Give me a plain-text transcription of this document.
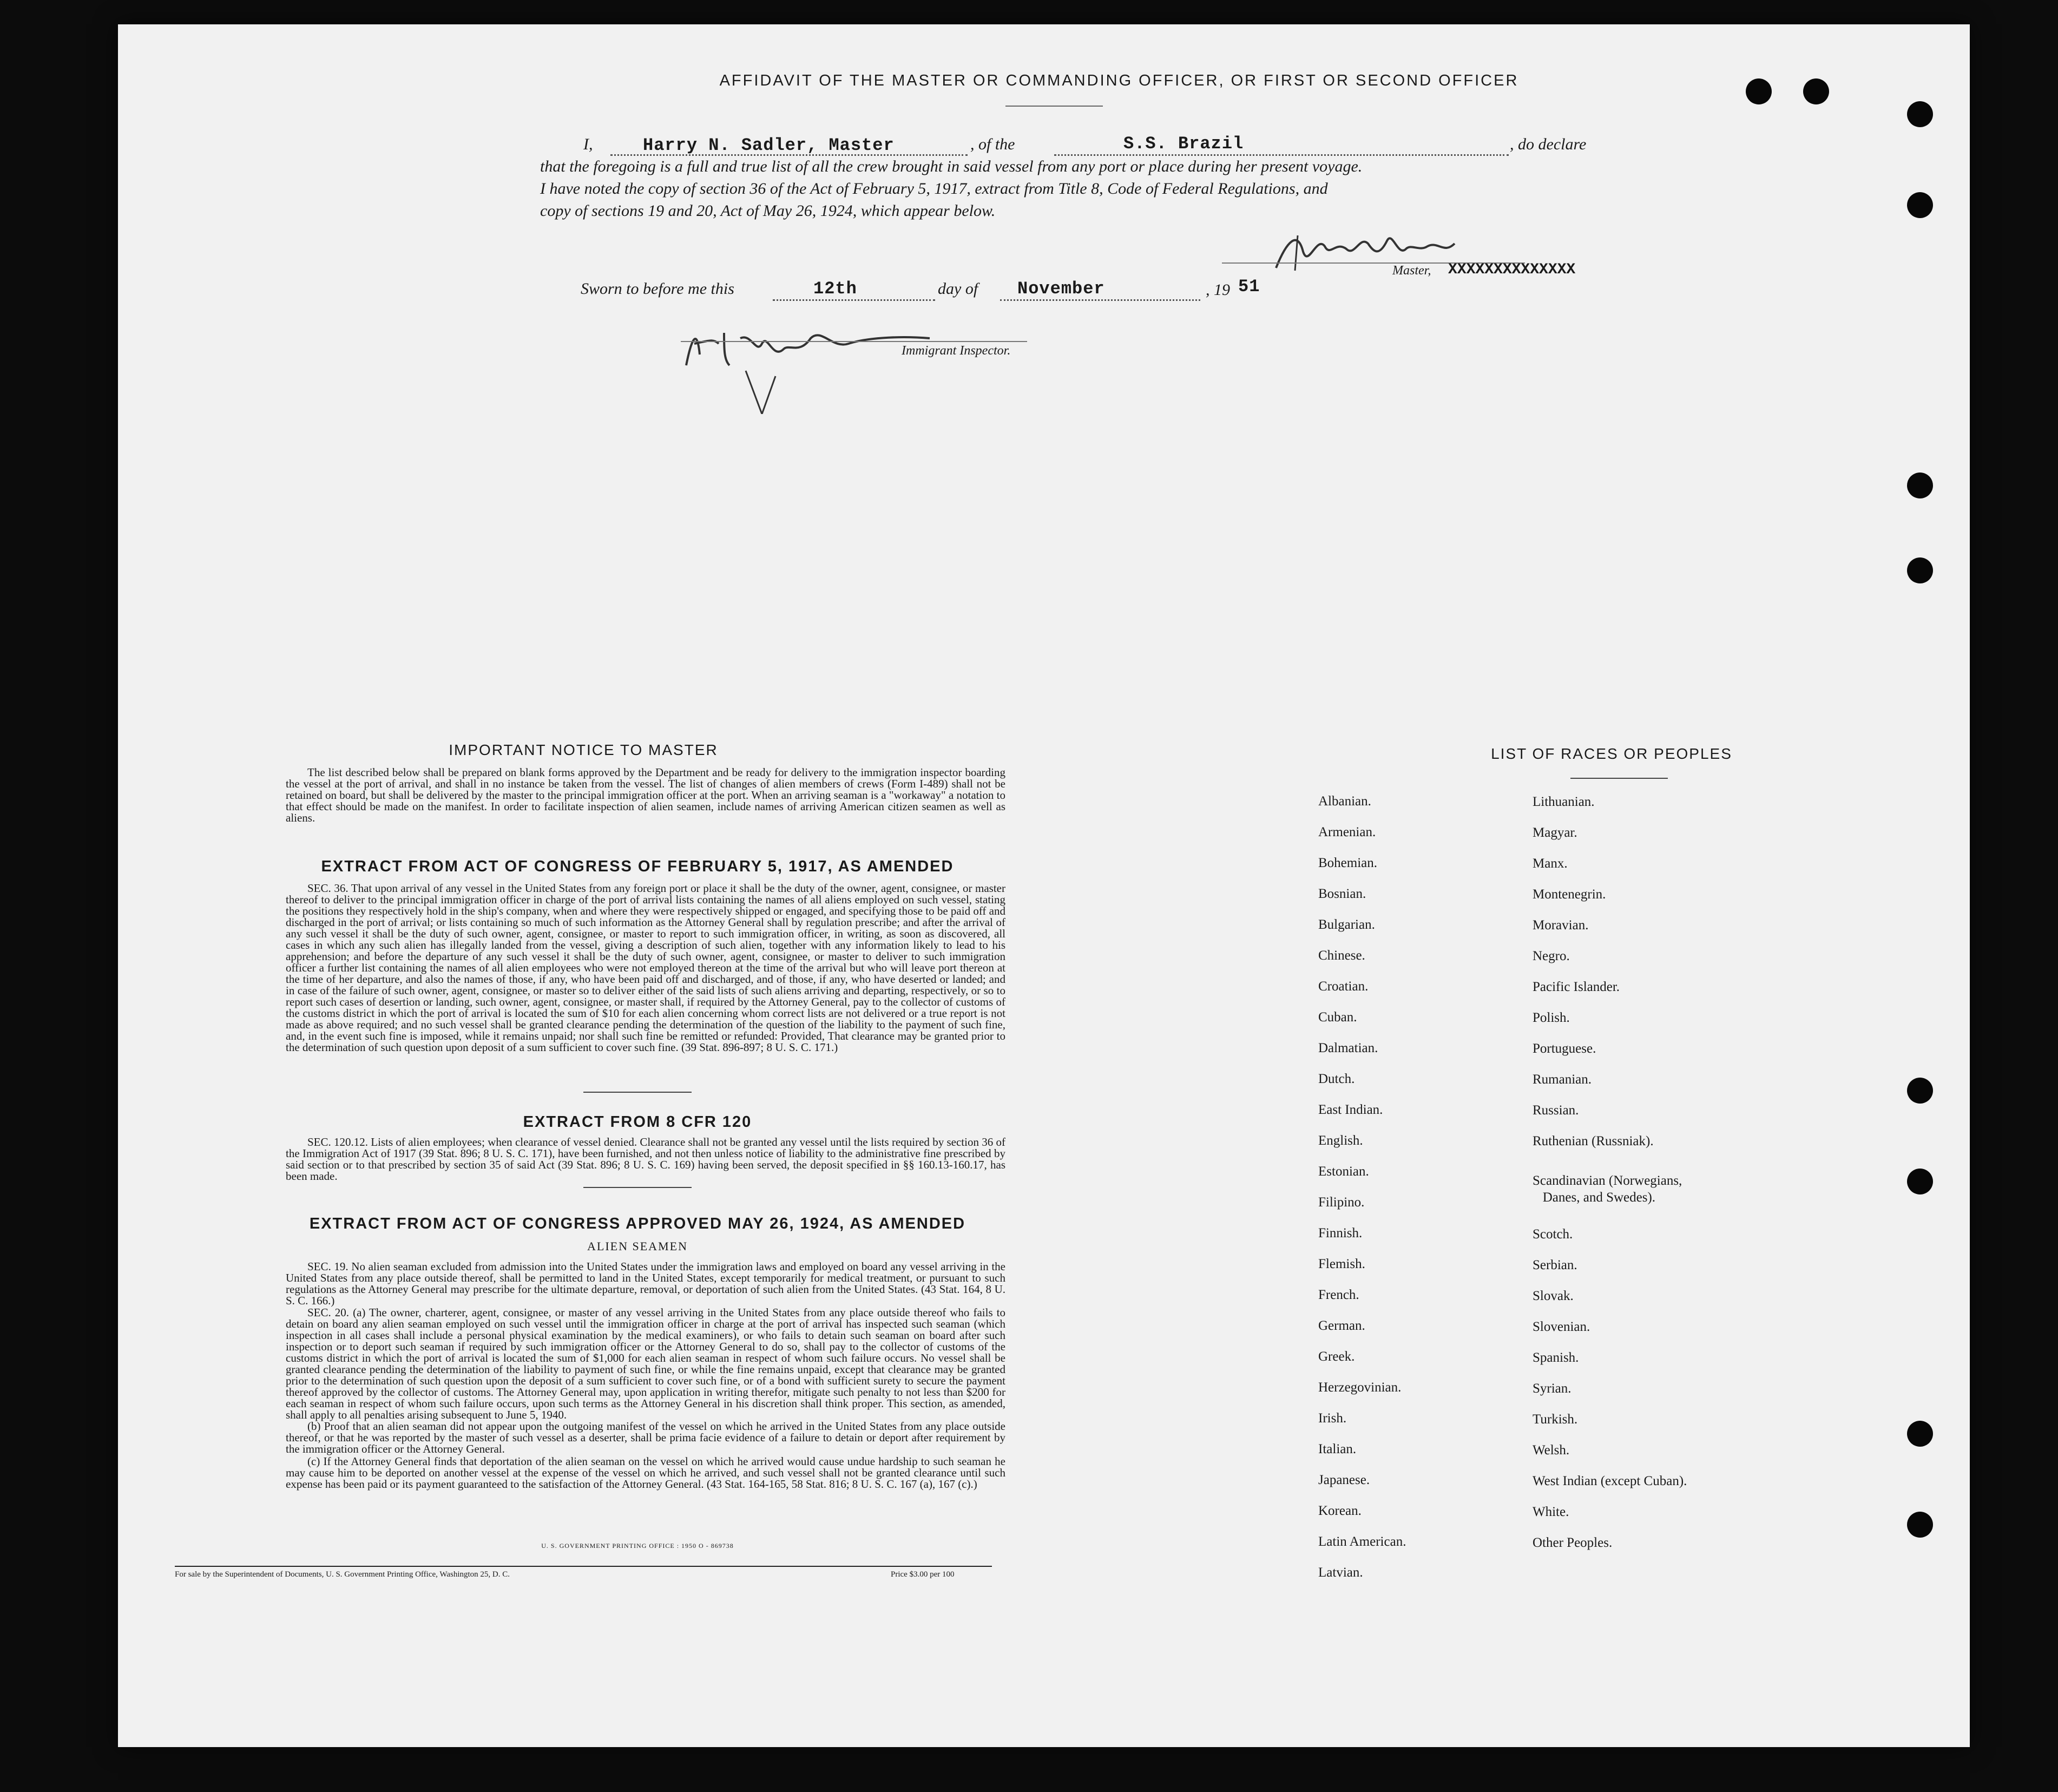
AFFIDAVIT OF THE MASTER OR COMMANDING OFFICER, OR FIRST OR SECOND OFFICER
I,	Harry N. Sadler, Master	, of the	S.S. Brazil	, do declare
that the foregoing is a full and true list of all the crew brought in said vessel from any port or place during her present voyage.
I have noted the copy of section 36 of the Act of February 5, 1917, extract from Title 8, Code of Federal Regulations, and
copy of sections 19 and 20, Act of May 26, 1924, which appear below.
Master, XXXXXXXXXXXXXX
Sworn to before me this	12th	day of November	, 19 51
Immigrant Inspector.
IMPORTANT NOTICE TO MASTER
The list described below shall be prepared on blank forms approved by the Department and be ready for delivery to the immigration inspector boarding the vessel at the port of arrival, and shall in no instance be taken from the vessel. The list of changes of alien members of crews (Form I-489) shall not be retained on board, but shall be delivered by the master to the principal immigration officer at the port. When an arriving seaman is a "workaway" a notation to that effect should be made on the manifest. In order to facilitate inspection of alien seamen, include names of arriving American citizen seamen as well as aliens.
EXTRACT FROM ACT OF CONGRESS OF FEBRUARY 5, 1917, AS AMENDED
SEC. 36. That upon arrival of any vessel in the United States from any foreign port or place it shall be the duty of the owner, agent, consignee, or master thereof to deliver to the principal immigration officer in charge of the port of arrival lists containing the names of all aliens employed on such vessel, stating the positions they respectively hold in the ship's company, when and where they were respectively shipped or engaged, and specifying those to be paid off and discharged in the port of arrival; or lists containing so much of such information as the Attorney General shall by regulation prescribe; and after the arrival of any such vessel it shall be the duty of such owner, agent, consignee, or master to report to such immigration officer, in writing, as soon as discovered, all cases in which any such alien has illegally landed from the vessel, giving a description of such alien, together with any information likely to lead to his apprehension; and before the departure of any such vessel it shall be the duty of such owner, agent, consignee, or master to deliver to such immigration officer a further list containing the names of all alien employees who were not employed thereon at the time of the arrival but who will leave port thereon at the time of her departure, and also the names of those, if any, who have been paid off and discharged, and of those, if any, who have deserted or landed; and in case of the failure of such owner, agent, consignee, or master so to deliver either of the said lists of such aliens arriving and departing, respectively, or so to report such cases of desertion or landing, such owner, agent, consignee, or master shall, if required by the Attorney General, pay to the collector of customs of the customs district in which the port of arrival is located the sum of $10 for each alien concerning whom correct lists are not delivered or a true report is not made as above required; and no such vessel shall be granted clearance pending the determination of the question of the liability to the payment of such fine, and, in the event such fine is imposed, while it remains unpaid; nor shall such fine be remitted or refunded: Provided, That clearance may be granted prior to the determination of such question upon deposit of a sum sufficient to cover such fine. (39 Stat. 896-897; 8 U. S. C. 171.)
EXTRACT FROM 8 CFR 120
SEC. 120.12. Lists of alien employees; when clearance of vessel denied. Clearance shall not be granted any vessel until the lists required by section 36 of the Immigration Act of 1917 (39 Stat. 896; 8 U. S. C. 171), have been furnished, and not then unless notice of liability to the administrative fine prescribed by said section or to that prescribed by section 35 of said Act (39 Stat. 896; 8 U. S. C. 169) having been served, the deposit specified in §§ 160.13-160.17, has been made.
EXTRACT FROM ACT OF CONGRESS APPROVED MAY 26, 1924, AS AMENDED
ALIEN SEAMEN
SEC. 19. No alien seaman excluded from admission into the United States under the immigration laws and employed on board any vessel arriving in the United States from any place outside thereof, shall be permitted to land in the United States, except temporarily for medical treatment, or pursuant to such regulations as the Attorney General may prescribe for the ultimate departure, removal, or deportation of such alien from the United States. (43 Stat. 164, 8 U. S. C. 166.)
SEC. 20. (a) The owner, charterer, agent, consignee, or master of any vessel arriving in the United States from any place outside thereof who fails to detain on board any alien seaman employed on such vessel until the immigration officer in charge at the port of arrival has inspected such seaman (which inspection in all cases shall include a personal physical examination by the medical examiners), or who fails to detain such seaman on board after such inspection or to deport such seaman if required by such immigration officer or the Attorney General to do so, shall pay to the collector of customs of the customs district in which the port of arrival is located the sum of $1,000 for each alien seaman in respect of whom such failure occurs. No vessel shall be granted clearance pending the determination of the liability to payment of such fine, or while the fine remains unpaid, except that clearance may be granted prior to the determination of such question upon the deposit of a sum sufficient to cover such fine, or of a bond with sufficient surety to secure the payment thereof approved by the collector of customs. The Attorney General may, upon application in writing therefor, mitigate such penalty to not less than $200 for each seaman in respect of whom such failure occurs, upon such terms as the Attorney General in his discretion shall think proper. This section, as amended, shall apply to all penalties arising subsequent to June 5, 1940.
(b) Proof that an alien seaman did not appear upon the outgoing manifest of the vessel on which he arrived in the United States from any place outside thereof, or that he was reported by the master of such vessel as a deserter, shall be prima facie evidence of a failure to detain or deport after requirement by the immigration officer or the Attorney General.
(c) If the Attorney General finds that deportation of the alien seaman on the vessel on which he arrived would cause undue hardship to such seaman he may cause him to be deported on another vessel at the expense of the vessel on which he arrived, and such vessel shall not be granted clearance until such expense has been paid or its payment guaranteed to the satisfaction of the Attorney General. (43 Stat. 164-165, 58 Stat. 816; 8 U. S. C. 167 (a), 167 (c).)
U. S. GOVERNMENT PRINTING OFFICE : 1950 O - 869738
For sale by the Superintendent of Documents, U. S. Government Printing Office, Washington 25, D. C.	Price $3.00 per 100
LIST OF RACES OR PEOPLES
Albanian.
Armenian.
Bohemian.
Bosnian.
Bulgarian.
Chinese.
Croatian.
Cuban.
Dalmatian.
Dutch.
East Indian.
English.
Estonian.
Filipino.
Finnish.
Flemish.
French.
German.
Greek.
Herzegovinian.
Irish.
Italian.
Japanese.
Korean.
Latin American.
Latvian.
Lithuanian.
Magyar.
Manx.
Montenegrin.
Moravian.
Negro.
Pacific Islander.
Polish.
Portuguese.
Rumanian.
Russian.
Ruthenian (Russniak).
Scandinavian (Norwegians,
Danes, and Swedes).
Scotch.
Serbian.
Slovak.
Slovenian.
Spanish.
Syrian.
Turkish.
Welsh.
West Indian (except Cuban).
White.
Other Peoples.
